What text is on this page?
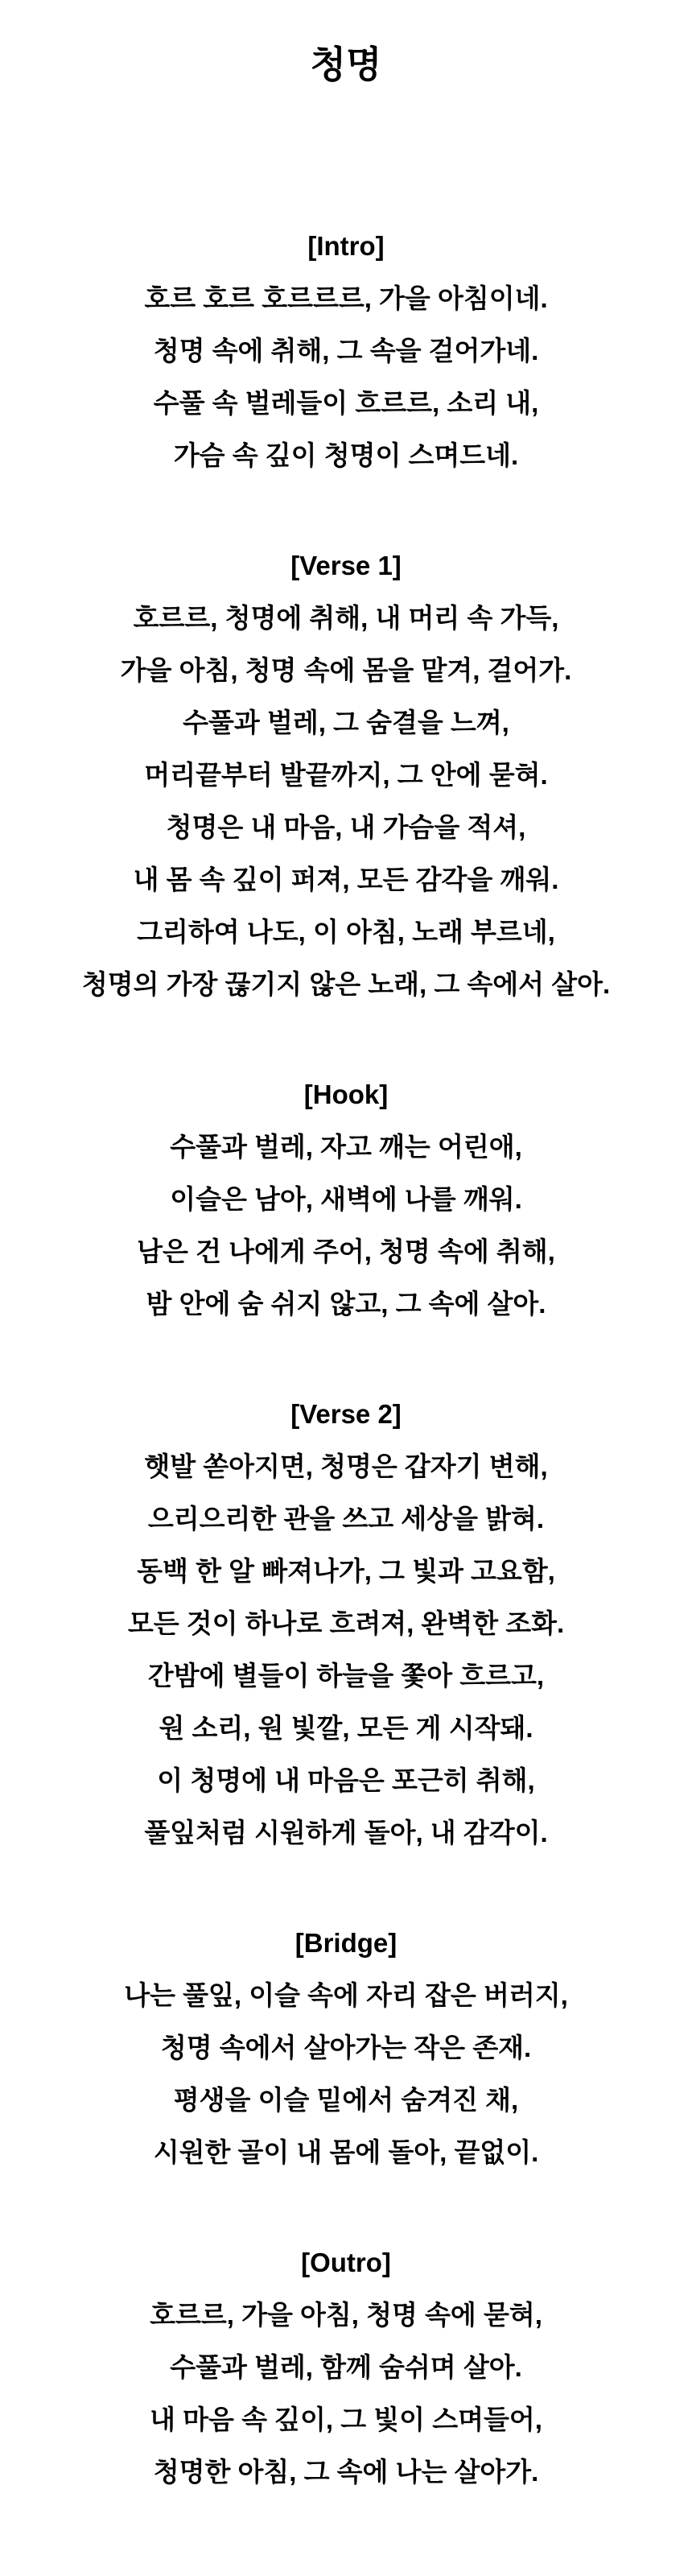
청명
[Intro]
호르 호르 호르르르, 가을 아침이네.
청명 속에 취해, 그 속을 걸어가네.
수풀 속 벌레들이 흐르르, 소리 내,
가슴 속 깊이 청명이 스며드네.
[Verse 1]
호르르, 청명에 취해, 내 머리 속 가득,
가을 아침, 청명 속에 몸을 맡겨, 걸어가.
수풀과 벌레, 그 숨결을 느껴,
머리끝부터 발끝까지, 그 안에 묻혀.
청명은 내 마음, 내 가슴을 적셔,
내 몸 속 깊이 퍼져, 모든 감각을 깨워.
그리하여 나도, 이 아침, 노래 부르네,
청명의 가장 끊기지 않은 노래, 그 속에서 살아.
[Hook]
수풀과 벌레, 자고 깨는 어린애,
이슬은 남아, 새벽에 나를 깨워.
남은 건 나에게 주어, 청명 속에 취해,
밤 안에 숨 쉬지 않고, 그 속에 살아.
[Verse 2]
햇발 쏟아지면, 청명은 갑자기 변해,
으리으리한 관을 쓰고 세상을 밝혀.
동백 한 알 빠져나가, 그 빛과 고요함,
모든 것이 하나로 흐려져, 완벽한 조화.
간밤에 별들이 하늘을 쫓아 흐르고,
원 소리, 원 빛깔, 모든 게 시작돼.
이 청명에 내 마음은 포근히 취해,
풀잎처럼 시원하게 돌아, 내 감각이.
[Bridge]
나는 풀잎, 이슬 속에 자리 잡은 버러지,
청명 속에서 살아가는 작은 존재.
평생을 이슬 밑에서 숨겨진 채,
시원한 골이 내 몸에 돌아, 끝없이.
[Outro]
호르르, 가을 아침, 청명 속에 묻혀,
수풀과 벌레, 함께 숨쉬며 살아.
내 마음 속 깊이, 그 빛이 스며들어,
청명한 아침, 그 속에 나는 살아가.
